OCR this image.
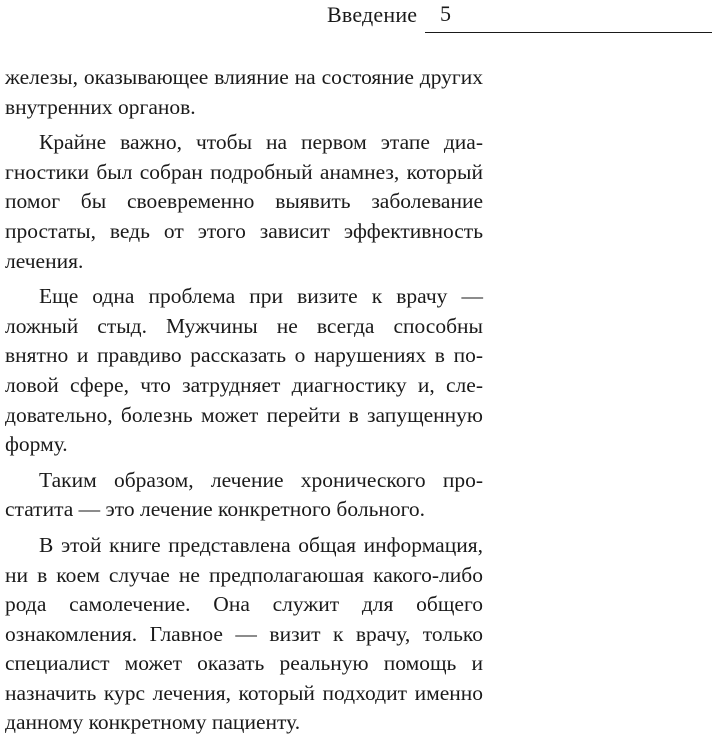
Введение 5

железы, оказывающее влияние на состояние других внутренних органов.

Крайне важно, чтобы на первом этапе диагностики был собран подробный анамнез, который помог бы своевременно выявить заболевание простаты, ведь от этого зависит эффективность лечения.

Еще одна проблема при визите к врачу — ложный стыд. Мужчины не всегда способны внятно и правдиво рассказать о нарушениях в половой сфере, что затрудняет диагностику и, следовательно, болезнь может перейти в запущенную форму.

Таким образом, лечение хронического простатита — это лечение конкретного больного.

В этой книге представлена общая информация, ни в коем случае не предполагаюшая какого-либо рода самолечение. Она служит для общего ознакомления. Главное — визит к врачу, только специалист может оказать реальную помощь и назначить курс лечения, который подходит именно данному конкретному пациенту.
